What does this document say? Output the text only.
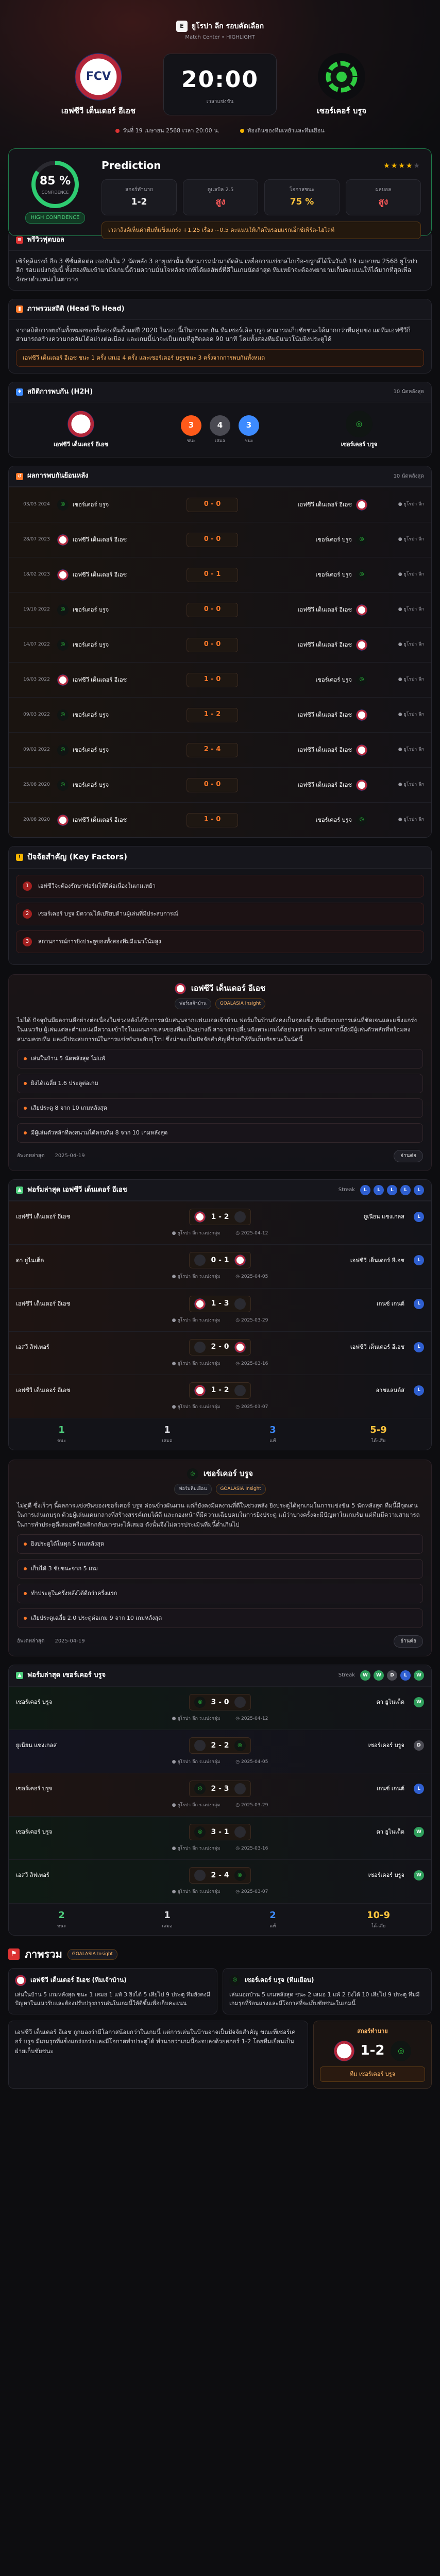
E	ยูโรปา ลีก รอบคัดเลือก
Match Center • HIGHLIGHT
FCV
เอฟซีวี เด็นเดอร์ อีเอช
20:00
เวลาแข่งขัน
เซอร์เคอร์ บรูจ
วันที่ 19 เมษายน 2568 เวลา 20:00 น.	ท้องถิ่นของทีมเหย้าและทีมเยือน
85 %
CONFIDENCE
HIGH CONFIDENCE
Prediction	★★★★★
สกอร์ทำนาย
1-2
ดูแลบิล 2.5
สูง
โอกาสชนะ
75 %
ผลบอล
สูง
เวลาลิงค์เห็นค่าทีมที่แข็งแกร่ง +1.25 เรื่อง ~0.5 คะแนนให้เกิดในรอบแรกเอ็กซ์เพิร์ต-ไฮไลท์
≡ พรีวิวฟุตบอล
เซิร์คูลิแรงก์ อีก 3 ซีซั่นติดต่อ เจอกันใน 2 นัดหลัง 3 อายุเท่านั้น ที่สามารถนำมาตัดสิน เหยื่อการแข่งกลไกเรือ-บรูกส์ได้ในวันที่ 19 เมษายน 2568 ยูโรปา ลีก รอบแบ่งกลุ่มนี้ ทั้งสองทีมเข้ามายังเกมนี้ด้วยความมั่นใจหลังจากที่ได้ผลลัพธ์ที่ดีในเกมนัดล่าสุด ทีมเหย้าจะต้องพยายามเก็บคะแนนให้ได้มากที่สุดเพื่อรักษาตำแหน่งในตาราง
▮ ภาพรวมสถิติ (Head To Head)

จากสถิติการพบกันทั้งหมดของทั้งสองทีมตั้งแต่ปี 2020 ในรอบนี้เป็นการพบกัน ทีมเซอร์เคิล บรูจ สามารถเก็บชัยชนะได้มากกว่าทีมคู่แข่ง แต่ทีมเอฟซีวีก็สามารถสร้างความกดดันได้อย่างต่อเนื่อง และเกมนี้น่าจะเป็นเกมที่สูสีตลอด 90 นาที โดยทั้งสองทีมมีแนวโน้มยิงประตูได้

เอฟซีวี เด็นเดอร์ อีเอช ชนะ 1 ครั้ง เสมอ 4 ครั้ง และเซอร์เคอร์ บรูจชนะ 3 ครั้งจากการพบกันทั้งหมด
♦ สถิติการพบกัน (H2H)	10 นัดหลังสุด
เอฟซีวี เด็นเดอร์ อีเอช
3
ชนะ
4
เสมอ
3
ชนะ
◎
เซอร์เคอร์ บรูจ
↺ ผลการพบกันย้อนหลัง	10 นัดหลังสุด
03/03 2024	◎	เซอร์เคอร์ บรูจ	0 - 0	เอฟซีวี เด็นเดอร์ อีเอช	● ยูโรปา ลีก
28/07 2023	เอฟซีวี เด็นเดอร์ อีเอช	0 - 0	เซอร์เคอร์ บรูจ	◎	● ยูโรปา ลีก
18/02 2023	เอฟซีวี เด็นเดอร์ อีเอช	0 - 1	เซอร์เคอร์ บรูจ	◎	● ยูโรปา ลีก
19/10 2022	◎	เซอร์เคอร์ บรูจ	0 - 0	เอฟซีวี เด็นเดอร์ อีเอช	● ยูโรปา ลีก
14/07 2022	◎	เซอร์เคอร์ บรูจ	0 - 0	เอฟซีวี เด็นเดอร์ อีเอช	● ยูโรปา ลีก
16/03 2022	เอฟซีวี เด็นเดอร์ อีเอช	1 - 0	เซอร์เคอร์ บรูจ	◎	● ยูโรปา ลีก
09/03 2022	◎	เซอร์เคอร์ บรูจ	1 - 2	เอฟซีวี เด็นเดอร์ อีเอช	● ยูโรปา ลีก
09/02 2022	◎	เซอร์เคอร์ บรูจ	2 - 4	เอฟซีวี เด็นเดอร์ อีเอช	● ยูโรปา ลีก
25/08 2020	◎	เซอร์เคอร์ บรูจ	0 - 0	เอฟซีวี เด็นเดอร์ อีเอช	● ยูโรปา ลีก
20/08 2020	เอฟซีวี เด็นเดอร์ อีเอช	1 - 0	เซอร์เคอร์ บรูจ	◎	● ยูโรปา ลีก
! ปัจจัยสำคัญ (Key Factors)
1	เอฟซีวีจะต้องรักษาฟอร์มให้ดีต่อเนื่องในเกมเหย้า
2	เซอร์เคอร์ บรูจ มีความได้เปรียบด้านผู้เล่นที่มีประสบการณ์
3	สถานการณ์การยิงประตูของทั้งสองทีมมีแนวโน้มสูง
เอฟซีวี เด็นเดอร์ อีเอช
ฟอร์มเจ้าบ้าน	GOALASIA Insight

ไม่ได้ ปัจจุบันมีผลงานดีอย่างต่อเนื่องในช่วงหลังได้รับการสนับสนุนจากแฟนบอลเจ้าบ้าน ฟอร์มในบ้านยังคงเป็นจุดแข็ง ทีมมีระบบการเล่นที่ชัดเจนและแข็งแกร่งในแนวรับ ผู้เล่นแต่ละตำแหน่งมีความเข้าใจในแผนการเล่นของทีมเป็นอย่างดี สามารถเปลี่ยนจังหวะเกมได้อย่างรวดเร็ว นอกจากนี้ยังมีผู้เล่นตัวหลักที่พร้อมลงสนามครบทีม และมีประสบการณ์ในการแข่งขันระดับยุโรป ซึ่งน่าจะเป็นปัจจัยสำคัญที่ช่วยให้ทีมเก็บชัยชนะในนัดนี้

เล่นในบ้าน 5 นัดหลังสุด ไม่แพ้
ยิงได้เฉลี่ย 1.6 ประตูต่อเกม
เสียประตู 8 จาก 10 เกมหลังสุด
มีผู้เล่นตัวหลักที่ลงสนามได้ครบทีม 8 จาก 10 เกมหลังสุด
อัพเดทล่าสุด 2025-04-19	อ่านต่อ
▲ ฟอร์มล่าสุด เอฟซีวี เด็นเดอร์ อีเอช	Streak	L	L	L	L	L
เอฟซีวี เด็นเดอร์ อีเอช	1 - 2	ยูเนียน แซงเกลส	L
● ยูโรปา ลีก ร.แบ่งกลุ่ม	◷ 2025-04-12
ดา ยูไนเต็ด	0 - 1	เอฟซีวี เด็นเดอร์ อีเอช	L
● ยูโรปา ลีก ร.แบ่งกลุ่ม	◷ 2025-04-05
เอฟซีวี เด็นเดอร์ อีเอช	1 - 3	เกนซ์ เกนต์	L
● ยูโรปา ลีก ร.แบ่งกลุ่ม	◷ 2025-03-29
เอสวี ลิฟเพอร์	2 - 0	เอฟซีวี เด็นเดอร์ อีเอช	L
● ยูโรปา ลีก ร.แบ่งกลุ่ม	◷ 2025-03-16
เอฟซีวี เด็นเดอร์ อีเอช	1 - 2	อาชแลนด์ส	L
● ยูโรปา ลีก ร.แบ่งกลุ่ม	◷ 2025-03-07
1
ชนะ
1
เสมอ
3
แพ้
5-9
ได้-เสีย
◎	เซอร์เคอร์ บรูจ
ฟอร์มทีมเยือน	GOALASIA Insight

ไม่ดูดี ซึ่งเร็วๆ นี้ผลการแข่งขันของเซอร์เคอร์ บรูจ ค่อนข้างผันผวน แต่ก็ยังคงมีผลงานที่ดีในช่วงหลัง ยิงประตูได้ทุกเกมในการแข่งขัน 5 นัดหลังสุด ทีมนี้มีจุดเด่นในการเล่นเกมรุก ด้วยผู้เล่นแดนกลางที่สร้างสรรค์เกมได้ดี และกองหน้าที่มีความเฉียบคมในการยิงประตู แม้ว่าบางครั้งจะมีปัญหาในเกมรับ แต่ทีมมีความสามารถในการทำประตูตีเสมอหรือพลิกกลับมาชนะได้เสมอ ดังนั้นจึงไม่ควรประเมินทีมนี้ต่ำเกินไป

ยิงประตูได้ในทุก 5 เกมหลังสุด
เก็บได้ 3 ชัยชนะจาก 5 เกม
ทำประตูในครึ่งหลังได้ดีกว่าครึ่งแรก
เสียประตูเฉลี่ย 2.0 ประตูต่อเกม 9 จาก 10 เกมหลังสุด
อัพเดทล่าสุด 2025-04-19	อ่านต่อ
▲ ฟอร์มล่าสุด เซอร์เคอร์ บรูจ	Streak	W	W	D	L	W
เซอร์เคอร์ บรูจ	◎	3 - 0	ดา ยูไนเต็ด	W
● ยูโรปา ลีก ร.แบ่งกลุ่ม	◷ 2025-04-12
ยูเนียน แซงเกลส	2 - 2	◎	เซอร์เคอร์ บรูจ	D
● ยูโรปา ลีก ร.แบ่งกลุ่ม	◷ 2025-04-05
เซอร์เคอร์ บรูจ	◎	2 - 3	เกนซ์ เกนต์	L
● ยูโรปา ลีก ร.แบ่งกลุ่ม	◷ 2025-03-29
เซอร์เคอร์ บรูจ	◎	3 - 1	ดา ยูไนเต็ด	W
● ยูโรปา ลีก ร.แบ่งกลุ่ม	◷ 2025-03-16
เอสวี ลิฟเพอร์	2 - 4	◎	เซอร์เคอร์ บรูจ	W
● ยูโรปา ลีก ร.แบ่งกลุ่ม	◷ 2025-03-07
2
ชนะ
1
เสมอ
2
แพ้
10-9
ได้-เสีย
⚑ ภาพรวม	GOALASIA Insight
เอฟซีวี เด็นเดอร์ อีเอช (ทีมเจ้าบ้าน)

เล่นในบ้าน 5 เกมหลังสุด ชนะ 1 เสมอ 1 แพ้ 3 ยิงได้ 5 เสียไป 9 ประตู ทีมยังคงมีปัญหาในแนวรับและต้องปรับปรุงการเล่นในเกมนี้ให้ดีขึ้นเพื่อเก็บคะแนน

◎	เซอร์เคอร์ บรูจ (ทีมเยือน)

เล่นนอกบ้าน 5 เกมหลังสุด ชนะ 2 เสมอ 1 แพ้ 2 ยิงได้ 10 เสียไป 9 ประตู ทีมมีเกมรุกที่ร้อนแรงและมีโอกาสที่จะเก็บชัยชนะในเกมนี้

เอฟซีวี เด็นเดอร์ อีเอช ถูกมองว่ามีโอกาสน้อยกว่าในเกมนี้ แต่การเล่นในบ้านอาจเป็นปัจจัยสำคัญ ขณะที่เซอร์เคอร์ บรูจ มีเกมรุกที่แข็งแกร่งกว่าและมีโอกาสทำประตูได้ ทำนายว่าเกมนี้จะจบลงด้วยสกอร์ 1-2 โดยทีมเยือนเป็นฝ่ายเก็บชัยชนะ
สกอร์ทำนาย
1-2	◎
ทีม เซอร์เคอร์ บรูจ
